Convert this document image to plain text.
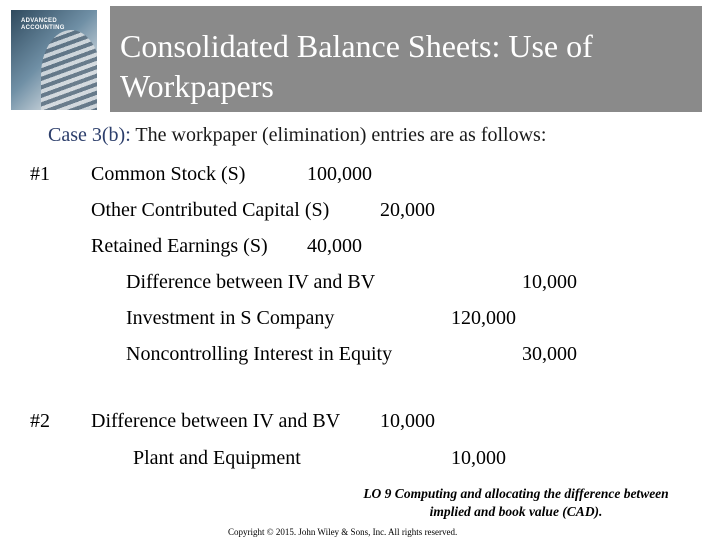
ADVANCED ACCOUNTING	Consolidated Balance Sheets: Use of Workpapers
Case 3(b): The workpaper (elimination) entries are as follows:
#1 Common Stock (S)	100,000
Other Contributed Capital (S)	20,000
Retained Earnings (S) 40,000
Difference between IV and BV	10,000
Investment in S Company	120,000
Noncontrolling Interest in Equity	30,000
#2 Difference between IV and BV 10,000
Plant and Equipment	10,000
LO 9 Computing and allocating the difference between
implied and book value (CAD).
Copyright © 2015. John Wiley & Sons, Inc. All rights reserved.
